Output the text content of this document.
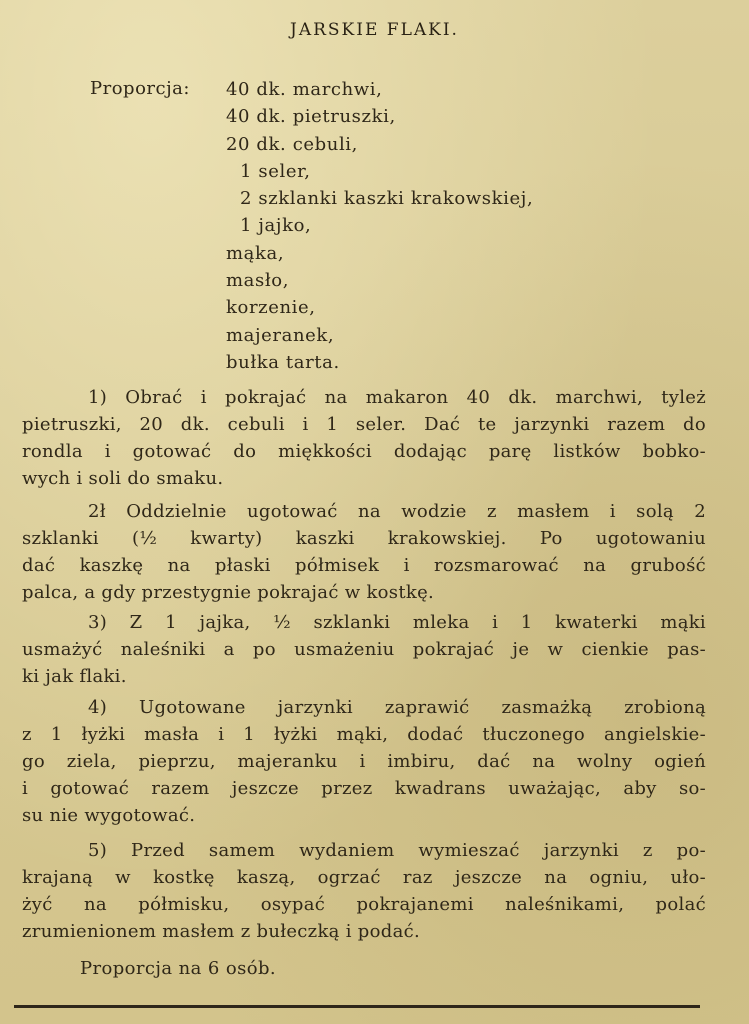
JARSKIE FLAKI.
Proporcja: 40 dk. marchwi,
40 dk. pietruszki,
20 dk. cebuli,
1 seler,
2 szklanki kaszki krakowskiej,
1 jajko,
mąka,
masło,
korzenie,
majeranek,
bułka tarta.
1) Obrać i pokrajać na makaron 40 dk. marchwi, tyleż
pietruszki, 20 dk. cebuli i 1 seler. Dać te jarzynki razem do
rondla i gotować do miękkości dodając parę listków bobko-
wych i soli do smaku.
2ł Oddzielnie ugotować na wodzie z masłem i solą 2
szklanki (½ kwarty) kaszki krakowskiej. Po ugotowaniu
dać kaszkę na płaski półmisek i rozsmarować na grubość
palca, a gdy przestygnie pokrajać w kostkę.
3) Z 1 jajka, ½ szklanki mleka i 1 kwaterki mąki
usmażyć naleśniki a po usmażeniu pokrajać je w cienkie pas-
ki jak flaki.
4) Ugotowane jarzynki zaprawić zasmażką zrobioną
z 1 łyżki masła i 1 łyżki mąki, dodać tłuczonego angielskie-
go ziela, pieprzu, majeranku i imbiru, dać na wolny ogień
i gotować razem jeszcze przez kwadrans uważając, aby so-
su nie wygotować.
5) Przed samem wydaniem wymieszać jarzynki z po-
krajaną w kostkę kaszą, ogrzać raz jeszcze na ogniu, uło-
żyć na półmisku, osypać pokrajanemi naleśnikami, polać
zrumienionem masłem z bułeczką i podać.
Proporcja na 6 osób.
